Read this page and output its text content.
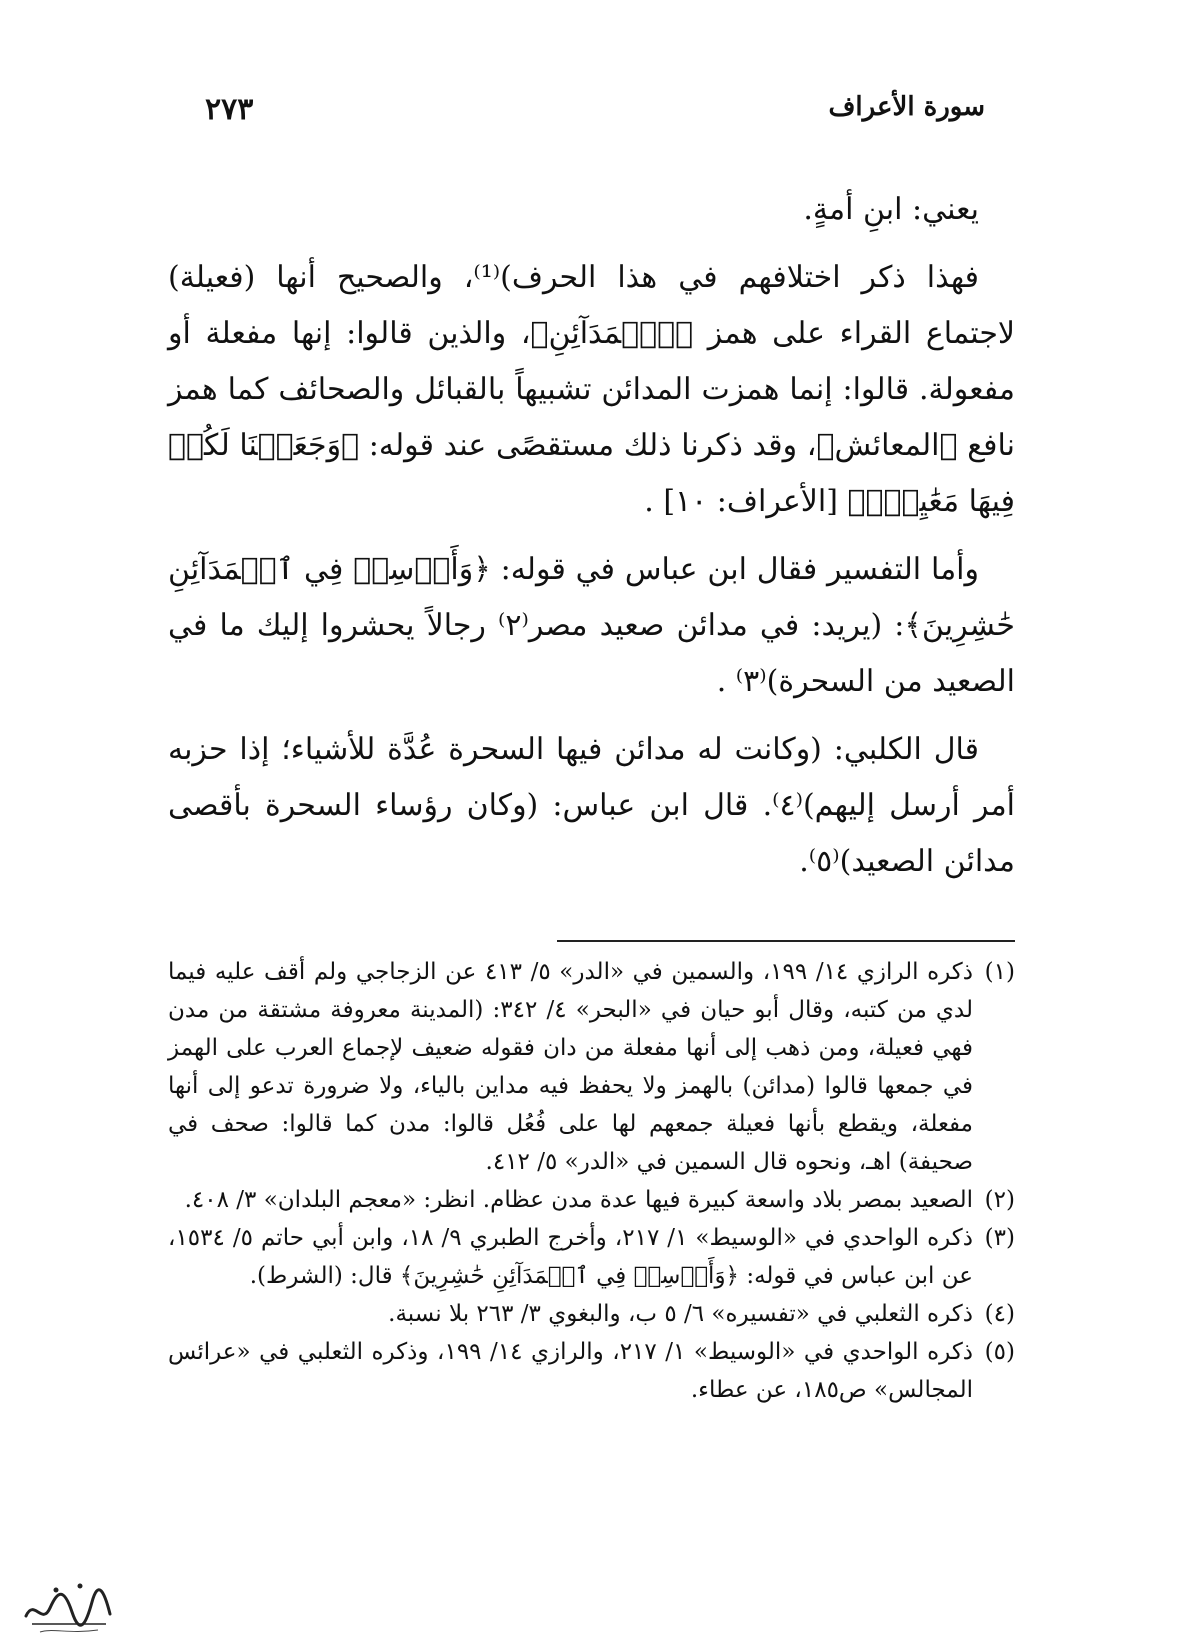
سورة الأعراف
٢٧٣

يعني: ابنِ أمةٍ.

فهذا ذكر اختلافهم في هذا الحرف)⁽¹⁾، والصحيح أنها (فعيلة) لاجتماع القراء على همز ﴿ٱلۡمَدَآئِنِ﴾، والذين قالوا: إنها مفعلة أو مفعولة. قالوا: إنما همزت المدائن تشبيهاً بالقبائل والصحائف كما همز نافع ﴿المعائش﴾، وقد ذكرنا ذلك مستقصًى عند قوله: ﴿وَجَعَلۡنَا لَكُمۡ فِيهَا مَعَٰيِشَۗ﴾ [الأعراف: ١٠] .

وأما التفسير فقال ابن عباس في قوله: ﴿وَأَرۡسِلۡ فِي ٱلۡمَدَآئِنِ حَٰشِرِينَ﴾: (يريد: في مدائن صعيد مصر⁽٢⁾ رجالاً يحشروا إليك ما في الصعيد من السحرة)⁽٣⁾ .

قال الكلبي: (وكانت له مدائن فيها السحرة عُدَّة للأشياء؛ إذا حزبه أمر أرسل إليهم)⁽٤⁾. قال ابن عباس: (وكان رؤساء السحرة بأقصى مدائن الصعيد)⁽٥⁾.

(١)
ذكره الرازي ١٤/ ١٩٩، والسمين في «الدر» ٥/ ٤١٣ عن الزجاجي ولم أقف عليه فيما لدي من كتبه، وقال أبو حيان في «البحر» ٤/ ٣٤٢: (المدينة معروفة مشتقة من مدن فهي فعيلة، ومن ذهب إلى أنها مفعلة من دان فقوله ضعيف لإجماع العرب على الهمز في جمعها قالوا (مدائن) بالهمز ولا يحفظ فيه مداين بالياء، ولا ضرورة تدعو إلى أنها مفعلة، ويقطع بأنها فعيلة جمعهم لها على فُعُل قالوا: مدن كما قالوا: صحف في صحيفة) اهـ، ونحوه قال السمين في «الدر» ٥/ ٤١٢.
(٢)
الصعيد بمصر بلاد واسعة كبيرة فيها عدة مدن عظام. انظر: «معجم البلدان» ٣/ ٤٠٨.
(٣)
ذكره الواحدي في «الوسيط» ١/ ٢١٧، وأخرج الطبري ٩/ ١٨، وابن أبي حاتم ٥/ ١٥٣٤، عن ابن عباس في قوله: ﴿وَأَرۡسِلۡ فِي ٱلۡمَدَآئِنِ حَٰشِرِينَ﴾ قال: (الشرط).
(٤)
ذكره الثعلبي في «تفسيره» ٦/ ٥ ب، والبغوي ٣/ ٢٦٣ بلا نسبة.
(٥)
ذكره الواحدي في «الوسيط» ١/ ٢١٧، والرازي ١٤/ ١٩٩، وذكره الثعلبي في «عرائس المجالس» ص١٨٥، عن عطاء.
